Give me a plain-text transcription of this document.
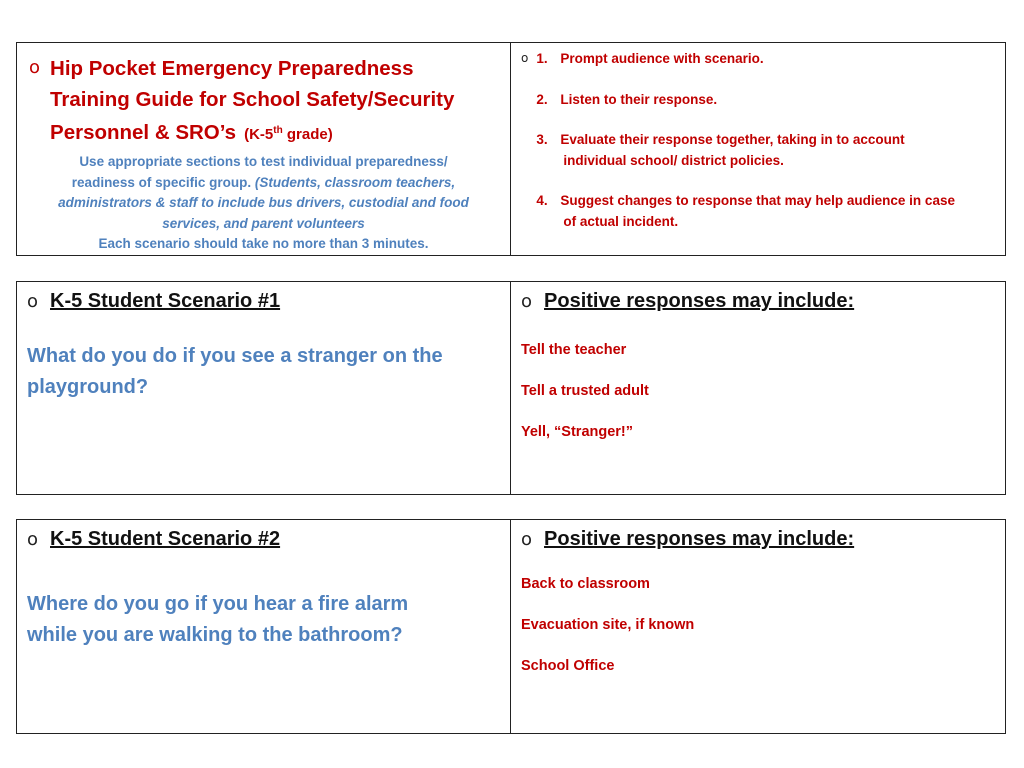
o Hip Pocket Emergency Preparedness
Training Guide for School Safety/Security
Personnel & SRO’s (K-5th grade)
Use appropriate sections to test individual preparedness/
readiness of specific group. (Students, classroom teachers,
administrators & staff to include bus drivers, custodial and food
services, and parent volunteers
Each scenario should take no more than 3 minutes.
o 1. Prompt audience with scenario.
2. Listen to their response.
3. Evaluate their response together, taking in to account
individual school/ district policies.
4. Suggest changes to response that may help audience in case
of actual incident.
o K-5 Student Scenario #1
What do you do if you see a stranger on the
playground?
o Positive responses may include:
Tell the teacher
Tell a trusted adult
Yell, “Stranger!”
o K-5 Student Scenario #2
Where do you go if you hear a fire alarm
while you are walking to the bathroom?
o Positive responses may include:
Back to classroom
Evacuation site, if known
School Office
